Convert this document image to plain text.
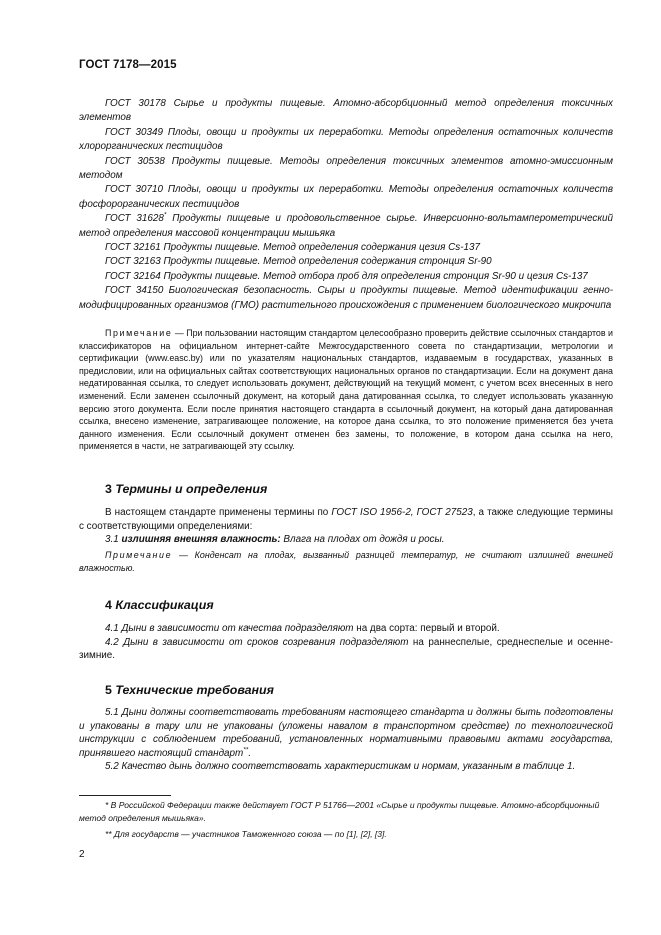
ГОСТ 7178—2015

ГОСТ 30178 Сырье и продукты пищевые. Атомно-абсорбционный метод определения токсичных элементов

ГОСТ 30349 Плоды, овощи и продукты их переработки. Методы определения остаточных количеств хлорорганических пестицидов

ГОСТ 30538 Продукты пищевые. Методы определения токсичных элементов атомно-эмиссионным методом

ГОСТ 30710 Плоды, овощи и продукты их переработки. Методы определения остаточных количеств фосфорорганических пестицидов

ГОСТ 31628* Продукты пищевые и продовольственное сырье. Инверсионно-вольтамперометрический метод определения массовой концентрации мышьяка

ГОСТ 32161 Продукты пищевые. Метод определения содержания цезия Cs-137

ГОСТ 32163 Продукты пищевые. Метод определения содержания стронция Sr-90

ГОСТ 32164 Продукты пищевые. Метод отбора проб для определения стронция Sr-90 и цезия Cs-137

ГОСТ 34150 Биологическая безопасность. Сыры и продукты пищевые. Метод идентификации генно-модифицированных организмов (ГМО) растительного происхождения с применением биологического микрочипа

Примечание — При пользовании настоящим стандартом целесообразно проверить действие ссылочных стандартов и классификаторов на официальном интернет-сайте Межгосударственного совета по стандартизации, метрологии и сертификации (www.easc.by) или по указателям национальных стандартов, издаваемым в государствах, указанных в предисловии, или на официальных сайтах соответствующих национальных органов по стандартизации. Если на документ дана недатированная ссылка, то следует использовать документ, действующий на текущий момент, с учетом всех внесенных в него изменений. Если заменен ссылочный документ, на который дана датированная ссылка, то следует использовать указанную версию этого документа. Если после принятия настоящего стандарта в ссылочный документ, на который дана датированная ссылка, внесено изменение, затрагивающее положение, на которое дана ссылка, то это положение применяется без учета данного изменения. Если ссылочный документ отменен без замены, то положение, в котором дана ссылка на него, применяется в части, не затрагивающей эту ссылку.

3 Термины и определения

В настоящем стандарте применены термины по ГОСТ ISO 1956-2, ГОСТ 27523, а также следующие термины с соответствующими определениями:

3.1 излишняя внешняя влажность: Влага на плодах от дождя и росы.

Примечание — Конденсат на плодах, вызванный разницей температур, не считают излишней внешней влажностью.

4 Классификация

4.1 Дыни в зависимости от качества подразделяют на два сорта: первый и второй.

4.2 Дыни в зависимости от сроков созревания подразделяют на раннеспелые, среднеспелые и осенне-зимние.

5 Технические требования

5.1 Дыни должны соответствовать требованиям настоящего стандарта и должны быть подготовлены и упакованы в тару или не упакованы (уложены навалом в транспортном средстве) по технологической инструкции с соблюдением требований, установленных нормативными правовыми актами государства, принявшего настоящий стандарт**.

5.2 Качество дынь должно соответствовать характеристикам и нормам, указанным в таблице 1.

* В Российской Федерации также действует ГОСТ Р 51766—2001 «Сырье и продукты пищевые. Атомно-абсорбционный метод определения мышьяка».

** Для государств — участников Таможенного союза — по [1], [2], [3].

2
